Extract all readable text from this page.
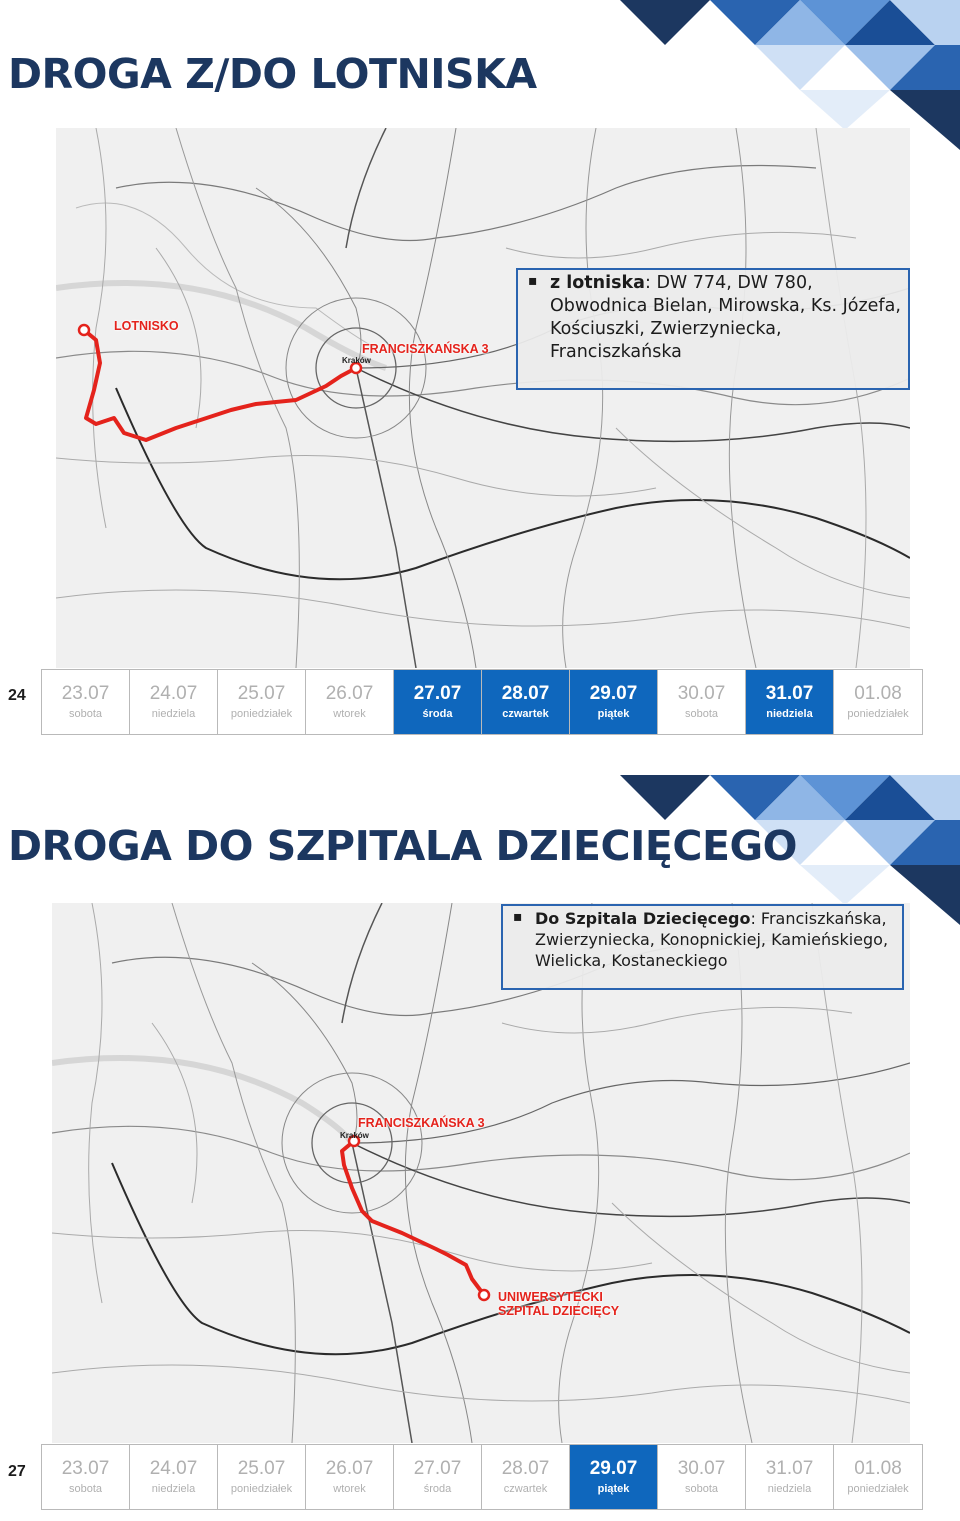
DROGA Z/DO LOTNISKA
LOTNISKO
FRANCISZKAŃSKA 3
Kraków
▪ z lotniska: DW 774, DW 780, Obwodnica Bielan, Mirowska, Ks. Józefa, Kościuszki, Zwierzyniecka, Franciszkańska
24 23.07
sobota
24.07
niedziela
25.07
poniedziałek
26.07
wtorek
27.07
środa
28.07
czwartek
29.07
piątek
30.07
sobota
31.07
niedziela
01.08
poniedziałek
DROGA DO SZPITALA DZIECIĘCEGO
FRANCISZKAŃSKA 3
Kraków
UNIWERSYTECKI
SZPITAL DZIECIĘCY
▪ Do Szpitala Dziecięcego: Franciszkańska, Zwierzyniecka, Konopnickiej, Kamieńskiego, Wielicka, Kostaneckiego
27 23.07
sobota
24.07
niedziela
25.07
poniedziałek
26.07
wtorek
27.07
środa
28.07
czwartek
29.07
piątek
30.07
sobota
31.07
niedziela
01.08
poniedziałek
